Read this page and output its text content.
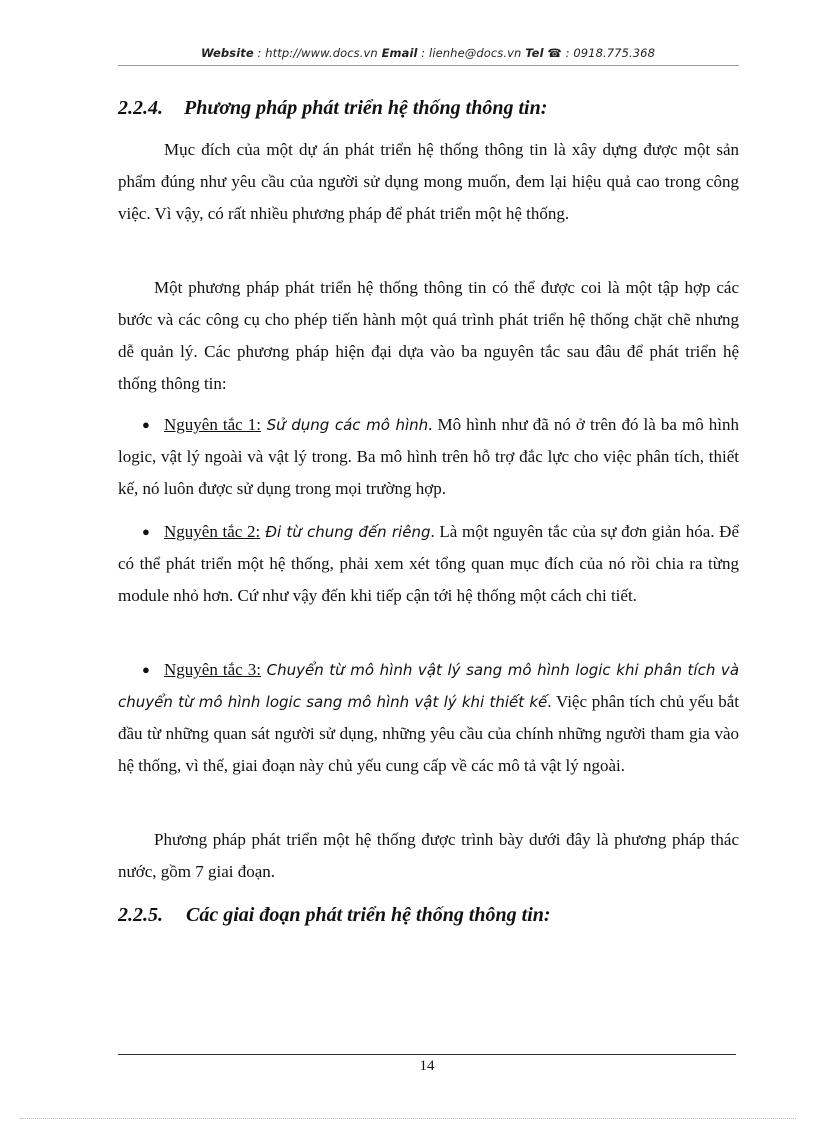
Website : http://www.docs.vn Email : lienhe@docs.vn Tel ☎ : 0918.775.368
2.2.4. Phương pháp phát triển hệ thống thông tin:
Mục đích của một dự án phát triển hệ thống thông tin là xây dựng được một sản phẩm đúng như yêu cầu của người sử dụng mong muốn, đem lại hiệu quả cao trong công việc. Vì vậy, có rất nhiều phương pháp để phát triển một hệ thống.
Một phương pháp phát triển hệ thống thông tin có thể được coi là một tập hợp các bước và các công cụ cho phép tiến hành một quá trình phát triển hệ thống chặt chẽ nhưng dễ quản lý. Các phương pháp hiện đại dựa vào ba nguyên tắc sau đâu để phát triển hệ thống thông tin:
● Nguyên tắc 1: Sử dụng các mô hình. Mô hình như đã nó ở trên đó là ba mô hình logic, vật lý ngoài và vật lý trong. Ba mô hình trên hỗ trợ đắc lực cho việc phân tích, thiết kế, nó luôn được sử dụng trong mọi trường hợp.
● Nguyên tắc 2: Đi từ chung đến riêng. Là một nguyên tắc của sự đơn giản hóa. Để có thể phát triển một hệ thống, phải xem xét tổng quan mục đích của nó rồi chia ra từng module nhỏ hơn. Cứ như vậy đến khi tiếp cận tới hệ thống một cách chi tiết.
● Nguyên tắc 3: Chuyển từ mô hình vật lý sang mô hình logic khi phân tích và chuyển từ mô hình logic sang mô hình vật lý khi thiết kế. Việc phân tích chủ yếu bắt đầu từ những quan sát người sử dụng, những yêu cầu của chính những người tham gia vào hệ thống, vì thế, giai đoạn này chủ yếu cung cấp về các mô tả vật lý ngoài.
Phương pháp phát triển một hệ thống được trình bày dưới đây là phương pháp thác nước, gồm 7 giai đoạn.
2.2.5. Các giai đoạn phát triển hệ thống thông tin:
14
